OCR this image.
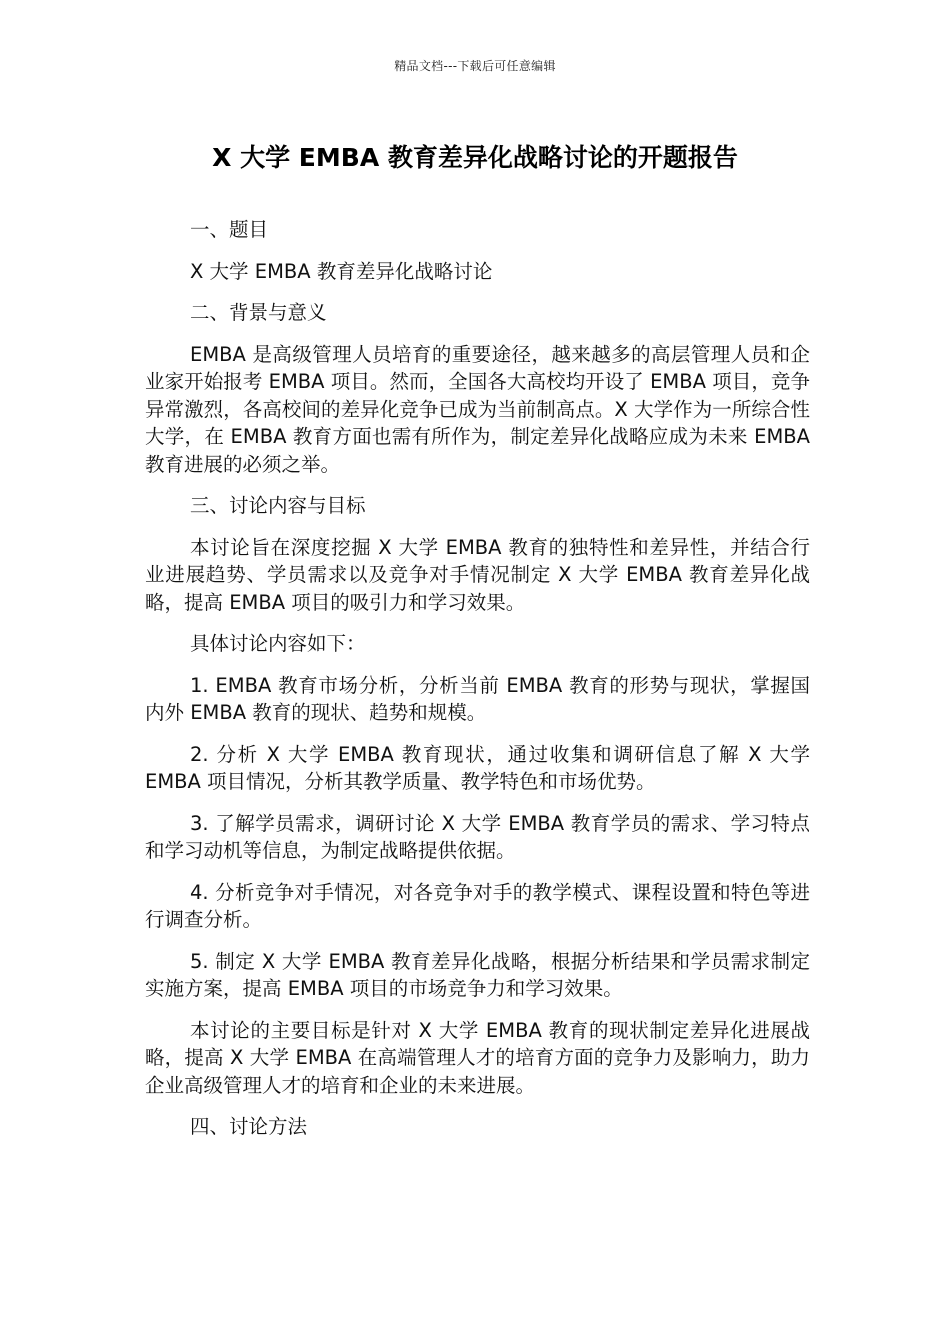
精品文档---下载后可任意编辑
X 大学 EMBA 教育差异化战略讨论的开题报告

一、题目

X 大学 EMBA 教育差异化战略讨论

二、背景与意义

EMBA 是高级管理人员培育的重要途径，越来越多的高层管理人员和企业家开始报考 EMBA 项目。然而，全国各大高校均开设了 EMBA 项目，竞争异常激烈，各高校间的差异化竞争已成为当前制高点。X 大学作为一所综合性大学，在 EMBA 教育方面也需有所作为，制定差异化战略应成为未来 EMBA 教育进展的必须之举。

三、讨论内容与目标

本讨论旨在深度挖掘 X 大学 EMBA 教育的独特性和差异性，并结合行业进展趋势、学员需求以及竞争对手情况制定 X 大学 EMBA 教育差异化战略，提高 EMBA 项目的吸引力和学习效果。

具体讨论内容如下：

1. EMBA 教育市场分析，分析当前 EMBA 教育的形势与现状，掌握国内外 EMBA 教育的现状、趋势和规模。

2. 分析 X 大学 EMBA 教育现状，通过收集和调研信息了解 X 大学 EMBA 项目情况，分析其教学质量、教学特色和市场优势。

3. 了解学员需求，调研讨论 X 大学 EMBA 教育学员的需求、学习特点和学习动机等信息，为制定战略提供依据。

4. 分析竞争对手情况，对各竞争对手的教学模式、课程设置和特色等进行调查分析。

5. 制定 X 大学 EMBA 教育差异化战略，根据分析结果和学员需求制定实施方案，提高 EMBA 项目的市场竞争力和学习效果。

本讨论的主要目标是针对 X 大学 EMBA 教育的现状制定差异化进展战略，提高 X 大学 EMBA 在高端管理人才的培育方面的竞争力及影响力，助力企业高级管理人才的培育和企业的未来进展。

四、讨论方法
